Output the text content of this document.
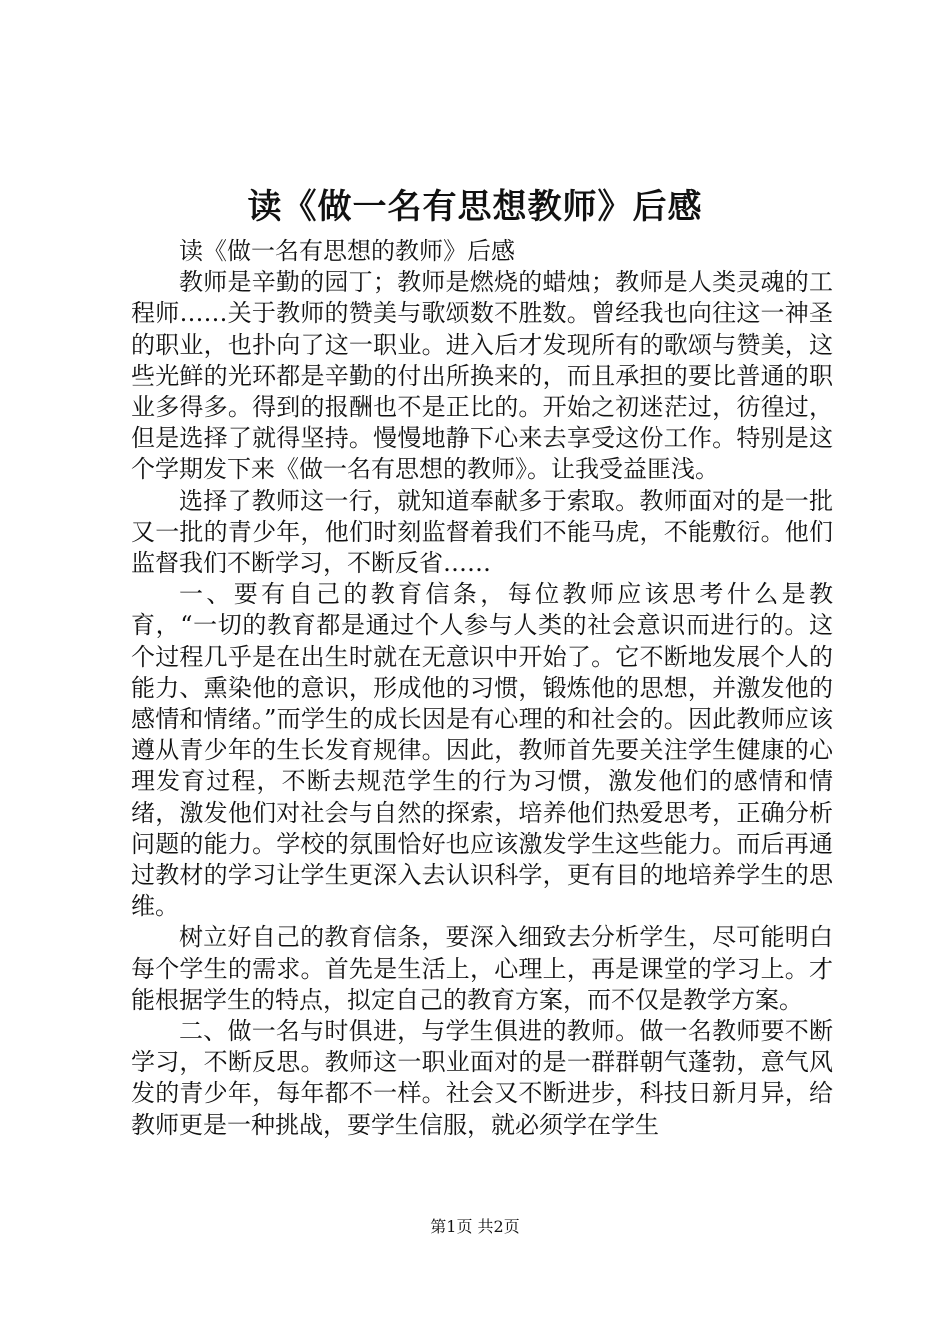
读《做一名有思想教师》后感

读《做一名有思想的教师》后感

教师是辛勤的园丁；教师是燃烧的蜡烛；教师是人类灵魂的工程师……关于教师的赞美与歌颂数不胜数。曾经我也向往这一神圣的职业，也扑向了这一职业。进入后才发现所有的歌颂与赞美，这些光鲜的光环都是辛勤的付出所换来的，而且承担的要比普通的职业多得多。得到的报酬也不是正比的。开始之初迷茫过，彷徨过，但是选择了就得坚持。慢慢地静下心来去享受这份工作。特别是这个学期发下来《做一名有思想的教师》。让我受益匪浅。

选择了教师这一行，就知道奉献多于索取。教师面对的是一批又一批的青少年，他们时刻监督着我们不能马虎，不能敷衍。他们监督我们不断学习，不断反省……

一、要有自己的教育信条，每位教师应该思考什么是教育，“一切的教育都是通过个人参与人类的社会意识而进行的。这个过程几乎是在出生时就在无意识中开始了。它不断地发展个人的能力、熏染他的意识，形成他的习惯，锻炼他的思想，并激发他的感情和情绪。”而学生的成长因是有心理的和社会的。因此教师应该遵从青少年的生长发育规律。因此，教师首先要关注学生健康的心理发育过程，不断去规范学生的行为习惯，激发他们的感情和情绪，激发他们对社会与自然的探索，培养他们热爱思考，正确分析问题的能力。学校的氛围恰好也应该激发学生这些能力。而后再通过教材的学习让学生更深入去认识科学，更有目的地培养学生的思维。

树立好自己的教育信条，要深入细致去分析学生，尽可能明白每个学生的需求。首先是生活上，心理上，再是课堂的学习上。才能根据学生的特点，拟定自己的教育方案，而不仅是教学方案。

二、做一名与时俱进，与学生俱进的教师。做一名教师要不断学习，不断反思。教师这一职业面对的是一群群朝气蓬勃，意气风发的青少年，每年都不一样。社会又不断进步，科技日新月异，给教师更是一种挑战，要学生信服，就必须学在学生

第1页 共2页
